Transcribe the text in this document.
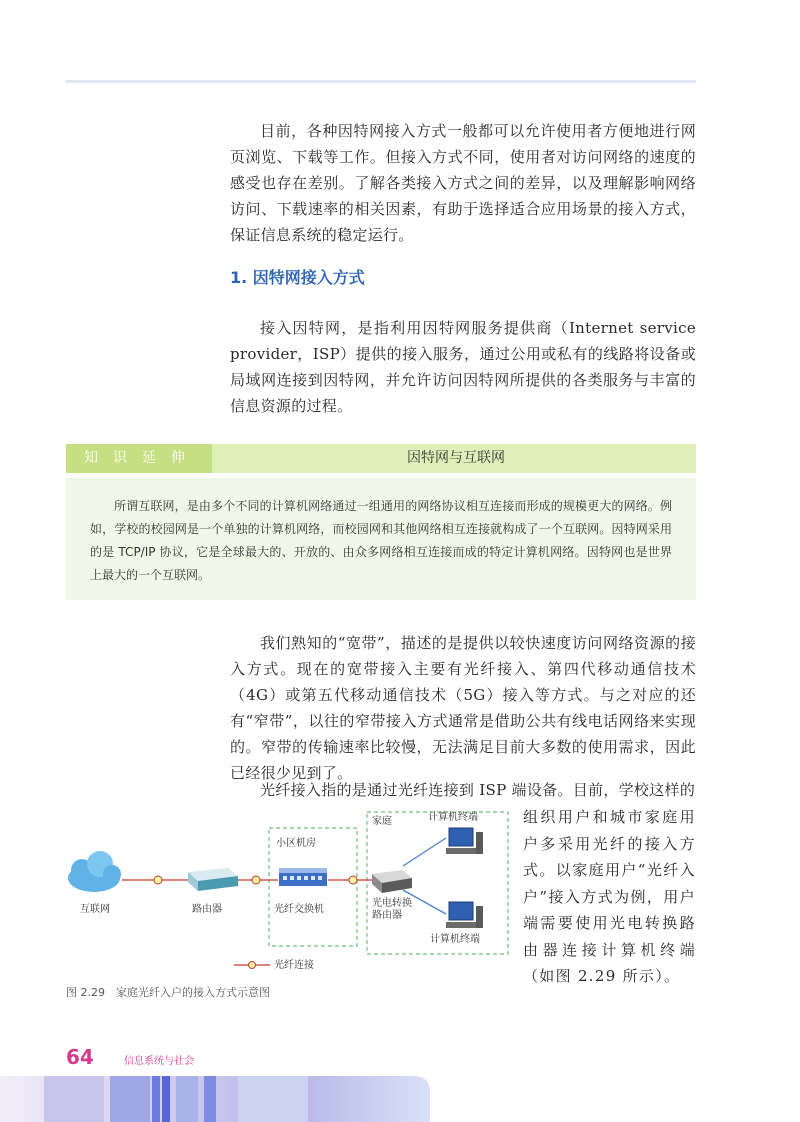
目前，各种因特网接入方式一般都可以允许使用者方便地进行网页浏览、下载等工作。但接入方式不同，使用者对访问网络的速度的感受也存在差别。了解各类接入方式之间的差异，以及理解影响网络访问、下载速率的相关因素，有助于选择适合应用场景的接入方式，保证信息系统的稳定运行。

1. 因特网接入方式

接入因特网，是指利用因特网服务提供商（Internet service provider，ISP）提供的接入服务，通过公用或私有的线路将设备或局域网连接到因特网，并允许访问因特网所提供的各类服务与丰富的信息资源的过程。

知识延伸	因特网与互联网

所谓互联网，是由多个不同的计算机网络通过一组通用的网络协议相互连接而形成的规模更大的网络。例如，学校的校园网是一个单独的计算机网络，而校园网和其他网络相互连接就构成了一个互联网。因特网采用的是 TCP/IP 协议，它是全球最大的、开放的、由众多网络相互连接而成的特定计算机网络。因特网也是世界上最大的一个互联网。

我们熟知的“宽带”，描述的是提供以较快速度访问网络资源的接入方式。现在的宽带接入主要有光纤接入、第四代移动通信技术（4G）或第五代移动通信技术（5G）接入等方式。与之对应的还有“窄带”，以往的窄带接入方式通常是借助公共有线电话网络来实现的。窄带的传输速率比较慢，无法满足目前大多数的使用需求，因此已经很少见到了。

光纤接入指的是通过光纤连接到 ISP 端设备。目前，学校这样的

组织用户和城市家庭用户多采用光纤的接入方式。以家庭用户“光纤入户”接入方式为例，用户端需要使用光电转换路由器连接计算机终端（如图 2.29 所示）。

互联网	路由器
小区机房
光纤交换机
家庭
光电转换
路由器
计算机终端
计算机终端
光纤连接

图 2.29　家庭光纤入户的接入方式示意图

64	信息系统与社会
